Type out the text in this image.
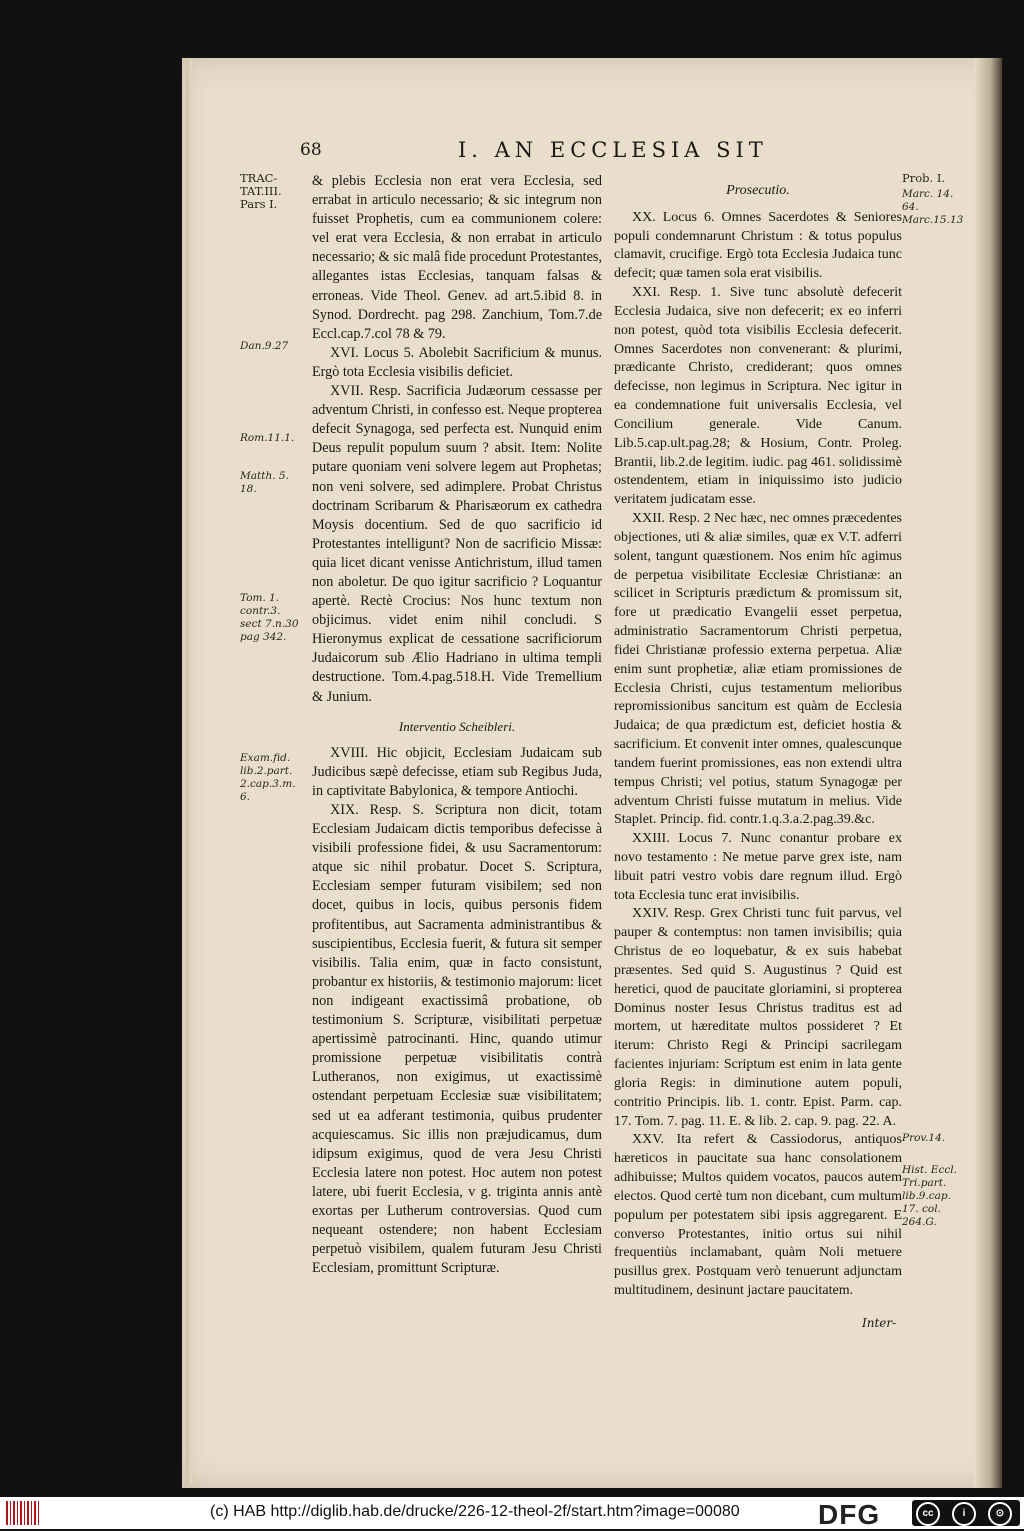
68	I. AN ECCLESIA SIT
TRAC-
TAT.III.
Pars I.
Dan.9.27
Rom.11.1.
Matth. 5.
18.
Tom. 1.
contr.3.
sect 7.n.30
pag 342.
Exam.fid.
lib.2.part.
2.cap.3.m.
6.

& plebis Ecclesia non erat vera Ecclesia, sed errabat in articulo necessario; & sic integrum non fuisset Prophetis, cum ea communionem colere: vel erat vera Ecclesia, & non errabat in articulo necessario; & sic malâ fide procedunt Protestantes, allegantes istas Ecclesias, tanquam falsas & erroneas. Vide Theol. Genev. ad art.5.ibid 8. in Synod. Dordrecht. pag 298. Zanchium, Tom.7.de Eccl.cap.7.col 78 & 79.

XVI. Locus 5. Abolebit Sacrificium & munus. Ergò tota Ecclesia visibilis deficiet.

XVII. Resp. Sacrificia Judæorum cessasse per adventum Christi, in confesso est. Neque propterea defecit Synagoga, sed perfecta est. Nunquid enim Deus repulit populum suum ? absit. Item: Nolite putare quoniam veni solvere legem aut Prophetas; non veni solvere, sed adimplere. Probat Christus doctrinam Scribarum & Pharisæorum ex cathedra Moysis docentium. Sed de quo sacrificio id Protestantes intelligunt? Non de sacrificio Missæ: quia licet dicant venisse Antichristum, illud tamen non aboletur. De quo igitur sacrificio ? Loquantur apertè. Rectè Crocius: Nos hunc textum non objicimus. videt enim nihil concludi. S Hieronymus explicat de cessatione sacrificiorum Judaicorum sub Ælio Hadriano in ultima templi destructione. Tom.4.pag.518.H. Vide Tremellium & Junium.

Interventio Scheibleri.

XVIII. Hic objicit, Ecclesiam Judaicam sub Judicibus sæpè defecisse, etiam sub Regibus Juda, in captivitate Babylonica, & tempore Antiochi.

XIX. Resp. S. Scriptura non dicit, totam Ecclesiam Judaicam dictis temporibus defecisse à visibili professione fidei, & usu Sacramentorum: atque sic nihil probatur. Docet S. Scriptura, Ecclesiam semper futuram visibilem; sed non docet, quibus in locis, quibus personis fidem profitentibus, aut Sacramenta administrantibus & suscipientibus, Ecclesia fuerit, & futura sit semper visibilis. Talia enim, quæ in facto consistunt, probantur ex historiis, & testimonio majorum: licet non indigeant exactissimâ probatione, ob testimonium S. Scripturæ, visibilitati perpetuæ apertissimè patrocinanti. Hinc, quando utimur promissione perpetuæ visibilitatis contrà Lutheranos, non exigimus, ut exactissimè ostendant perpetuam Ecclesiæ suæ visibilitatem; sed ut ea adferant testimonia, quibus prudenter acquiescamus. Sic illis non præjudicamus, dum idipsum exigimus, quod de vera Jesu Christi Ecclesia latere non potest. Hoc autem non potest latere, ubi fuerit Ecclesia, v g. triginta annis antè exortas per Lutherum controversias. Quod cum nequeant ostendere; non habent Ecclesiam perpetuò visibilem, qualem futuram Jesu Christi Ecclesiam, promittunt Scripturæ.

Prosecutio.

XX. Locus 6. Omnes Sacerdotes & Seniores populi condemnarunt Christum : & totus populus clamavit, crucifige. Ergò tota Ecclesia Judaica tunc defecit; quæ tamen sola erat visibilis.

XXI. Resp. 1. Sive tunc absolutè defecerit Ecclesia Judaica, sive non defecerit; ex eo inferri non potest, quòd tota visibilis Ecclesia defecerit. Omnes Sacerdotes non convenerant: & plurimi, prædicante Christo, crediderant; quos omnes defecisse, non legimus in Scriptura. Nec igitur in ea condemnatione fuit universalis Ecclesia, vel Concilium generale. Vide Canum. Lib.5.cap.ult.pag.28; & Hosium, Contr. Proleg. Brantii, lib.2.de legitim. iudic. pag 461. solidissimè ostendentem, etiam in iniquissimo isto judicio veritatem judicatam esse.

XXII. Resp. 2 Nec hæc, nec omnes præcedentes objectiones, uti & aliæ similes, quæ ex V.T. adferri solent, tangunt quæstionem. Nos enim hîc agimus de perpetua visibilitate Ecclesiæ Christianæ: an scilicet in Scripturis prædictum & promissum sit, fore ut prædicatio Evangelii esset perpetua, administratio Sacramentorum Christi perpetua, fidei Christianæ professio externa perpetua. Aliæ enim sunt prophetiæ, aliæ etiam promissiones de Ecclesia Christi, cujus testamentum melioribus repromissionibus sancitum est quàm de Ecclesia Judaica; de qua prædictum est, deficiet hostia & sacrificium. Et convenit inter omnes, qualescunque tandem fuerint promissiones, eas non extendi ultra tempus Christi; vel potius, statum Synagogæ per adventum Christi fuisse mutatum in melius. Vide Staplet. Princip. fid. contr.1.q.3.a.2.pag.39.&c.

XXIII. Locus 7. Nunc conantur probare ex novo testamento : Ne metue parve grex iste, nam libuit patri vestro vobis dare regnum illud. Ergò tota Ecclesia tunc erat invisibilis.

XXIV. Resp. Grex Christi tunc fuit parvus, vel pauper & contemptus: non tamen invisibilis; quia Christus de eo loquebatur, & ex suis habebat præsentes. Sed quid S. Augustinus ? Quid est heretici, quod de paucitate gloriamini, si propterea Dominus noster Iesus Christus traditus est ad mortem, ut hæreditate multos possideret ? Et iterum: Christo Regi & Principi sacrilegam facientes injuriam: Scriptum est enim in lata gente gloria Regis: in diminutione autem populi, contritio Principis. lib. 1. contr. Epist. Parm. cap. 17. Tom. 7. pag. 11. E. & lib. 2. cap. 9. pag. 22. A.

XXV. Ita refert & Cassiodorus, antiquos hæreticos in paucitate sua hanc consolationem adhibuisse; Multos quidem vocatos, paucos autem electos. Quod certè tum non dicebant, cum multum populum per potestatem sibi ipsis aggregarent. E converso Protestantes, initio ortus sui nihil frequentiùs inclamabant, quàm Noli metuere pusillus grex. Postquam verò tenuerunt adjunctam multitudinem, desinunt jactare paucitatem.

Prob. I.
Marc. 14.
64.
Marc.15.13
Prov.14.
Hist. Eccl.
Tri.part.
lib.9.cap.
17. col.
264.G.
Inter-
(c) HAB http://diglib.hab.de/drucke/226-12-theol-2f/start.htm?image=00080	DFG	cc	i	⊙
